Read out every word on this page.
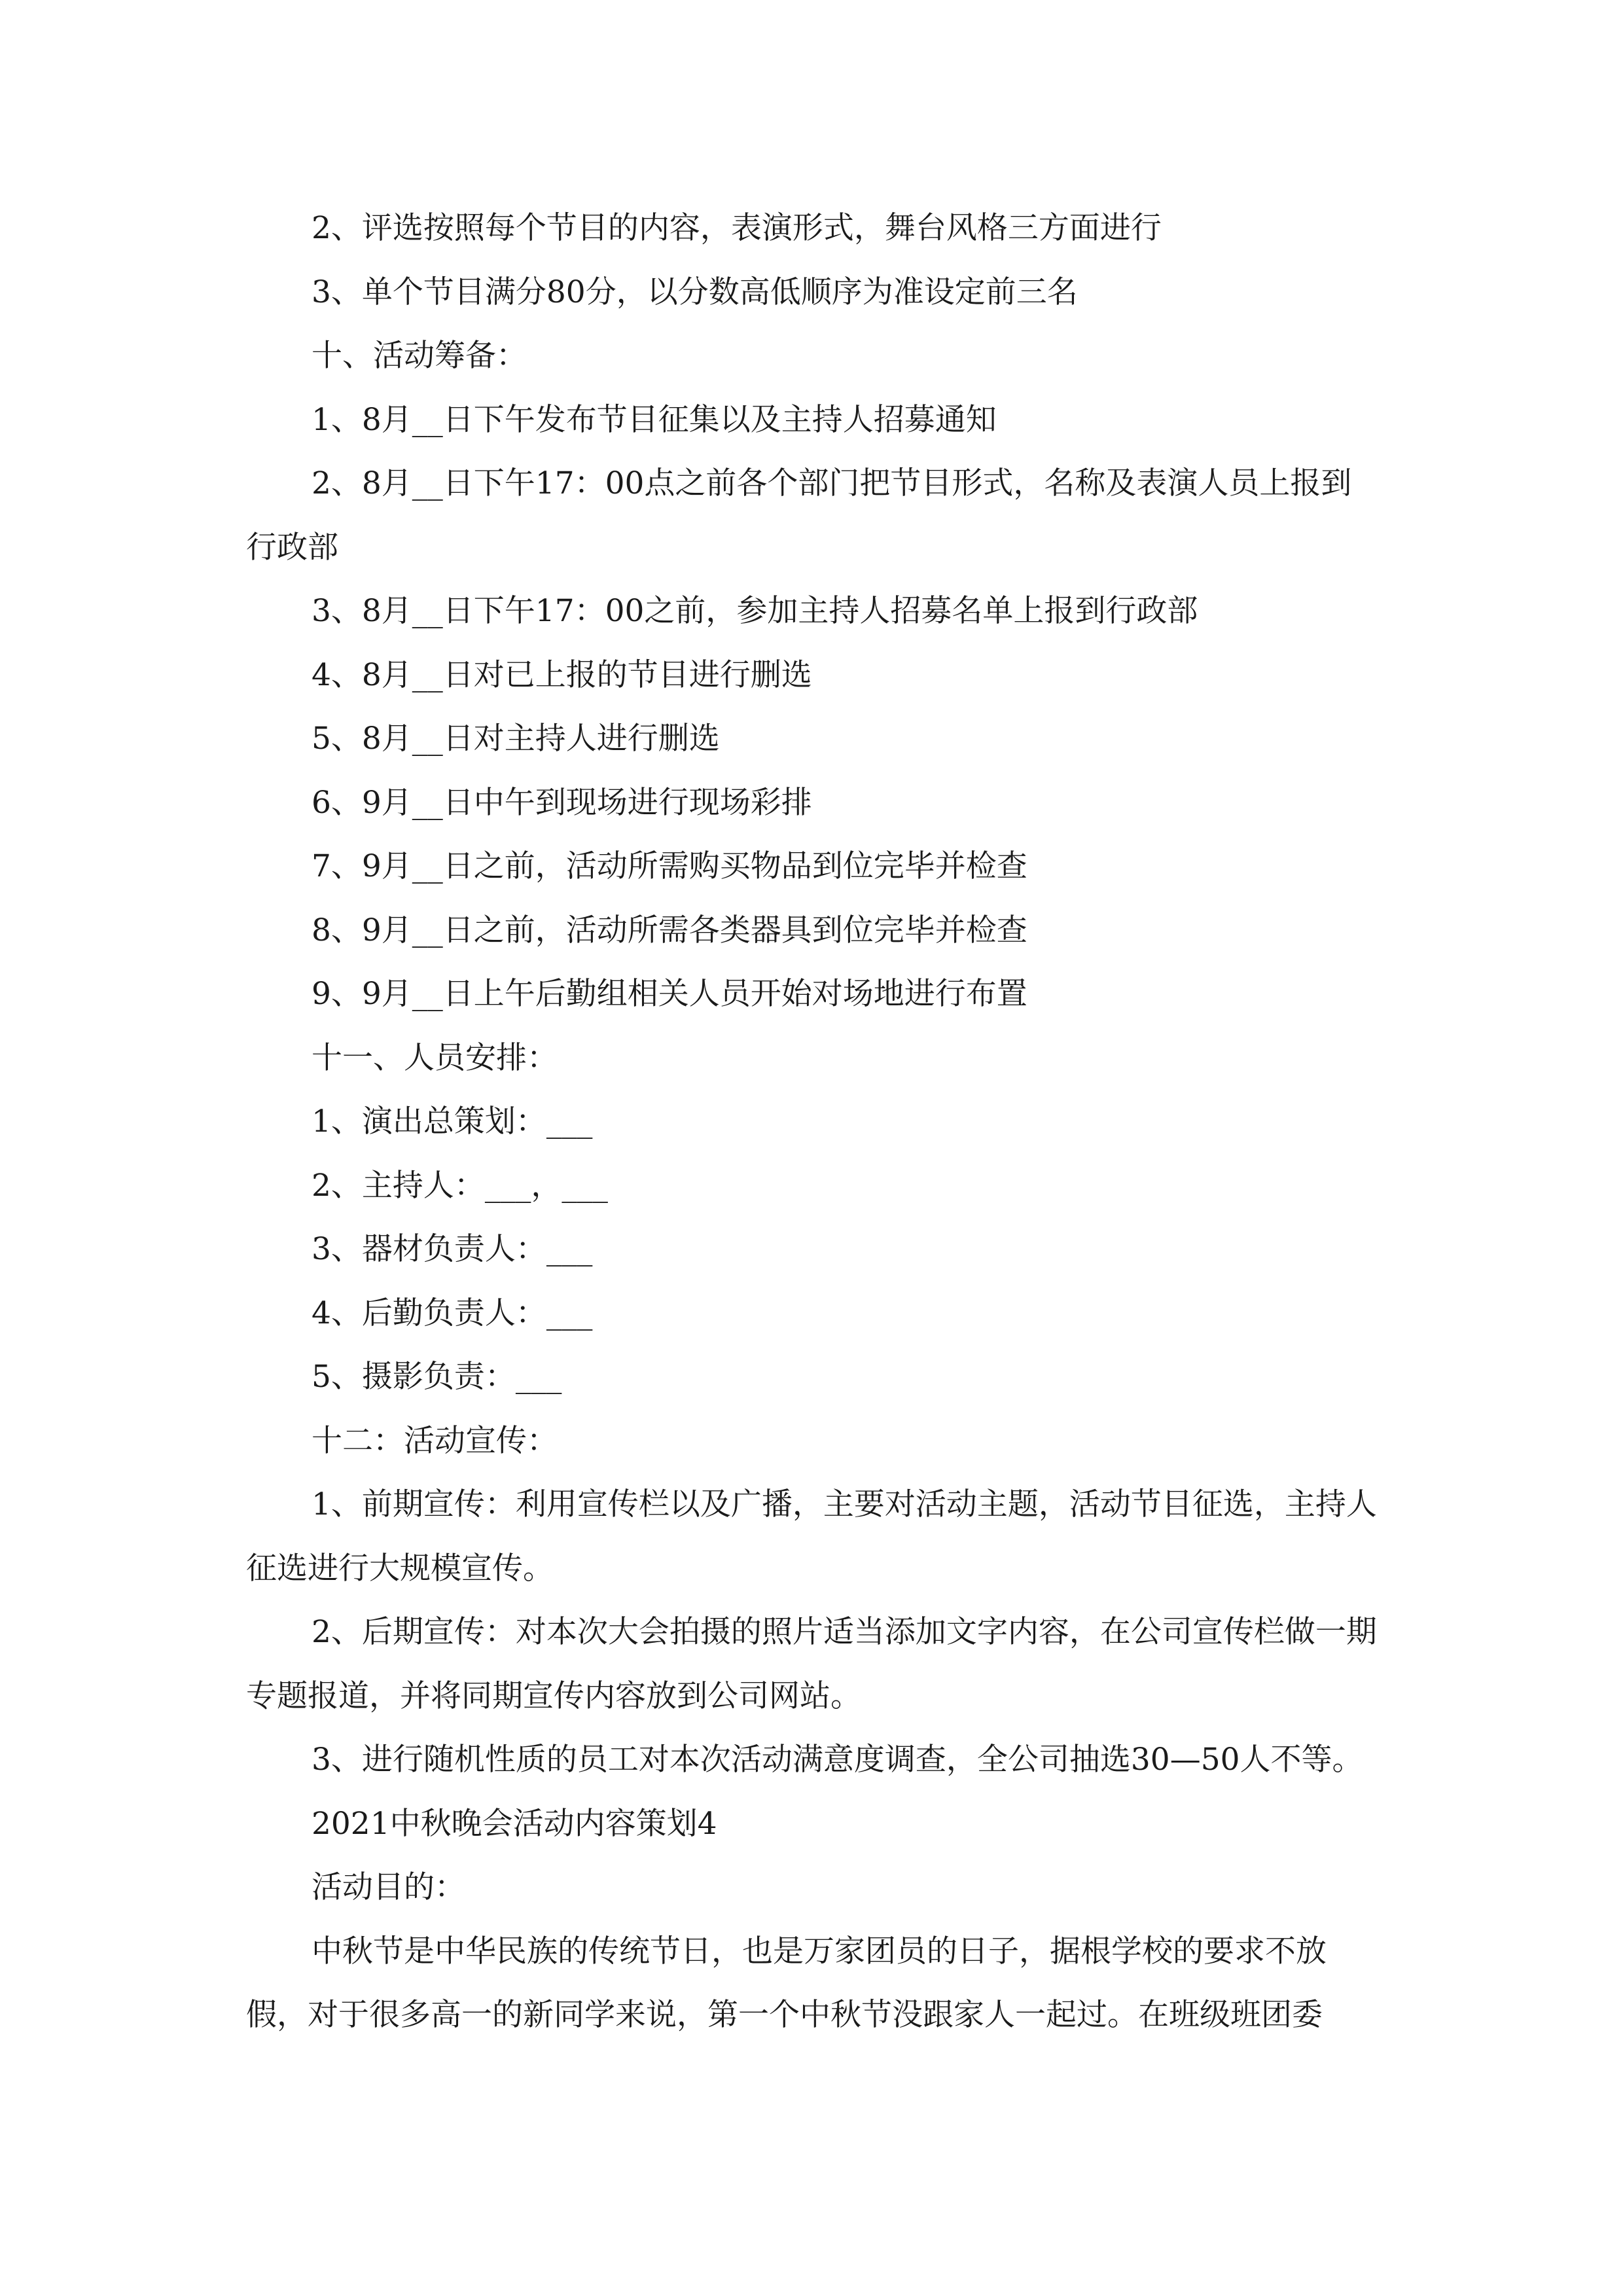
2、评选按照每个节目的内容，表演形式，舞台风格三方面进行

3、单个节目满分80分，以分数高低顺序为准设定前三名

十、活动筹备：

1、8月__日下午发布节目征集以及主持人招募通知

2、8月__日下午17：00点之前各个部门把节目形式，名称及表演人员上报到行政部

3、8月__日下午17：00之前，参加主持人招募名单上报到行政部

4、8月__日对已上报的节目进行删选

5、8月__日对主持人进行删选

6、9月__日中午到现场进行现场彩排

7、9月__日之前，活动所需购买物品到位完毕并检查

8、9月__日之前，活动所需各类器具到位完毕并检查

9、9月__日上午后勤组相关人员开始对场地进行布置

十一、人员安排：

1、演出总策划：___

2、主持人：___，___

3、器材负责人：___

4、后勤负责人：___

5、摄影负责：___

十二：活动宣传：

1、前期宣传：利用宣传栏以及广播，主要对活动主题，活动节目征选，主持人征选进行大规模宣传。

2、后期宣传：对本次大会拍摄的照片适当添加文字内容，在公司宣传栏做一期专题报道，并将同期宣传内容放到公司网站。

3、进行随机性质的员工对本次活动满意度调查，全公司抽选30—50人不等。

2021中秋晚会活动内容策划4

活动目的：

中秋节是中华民族的传统节日，也是万家团员的日子，据根学校的要求不放假，对于很多高一的新同学来说，第一个中秋节没跟家人一起过。在班级班团委
